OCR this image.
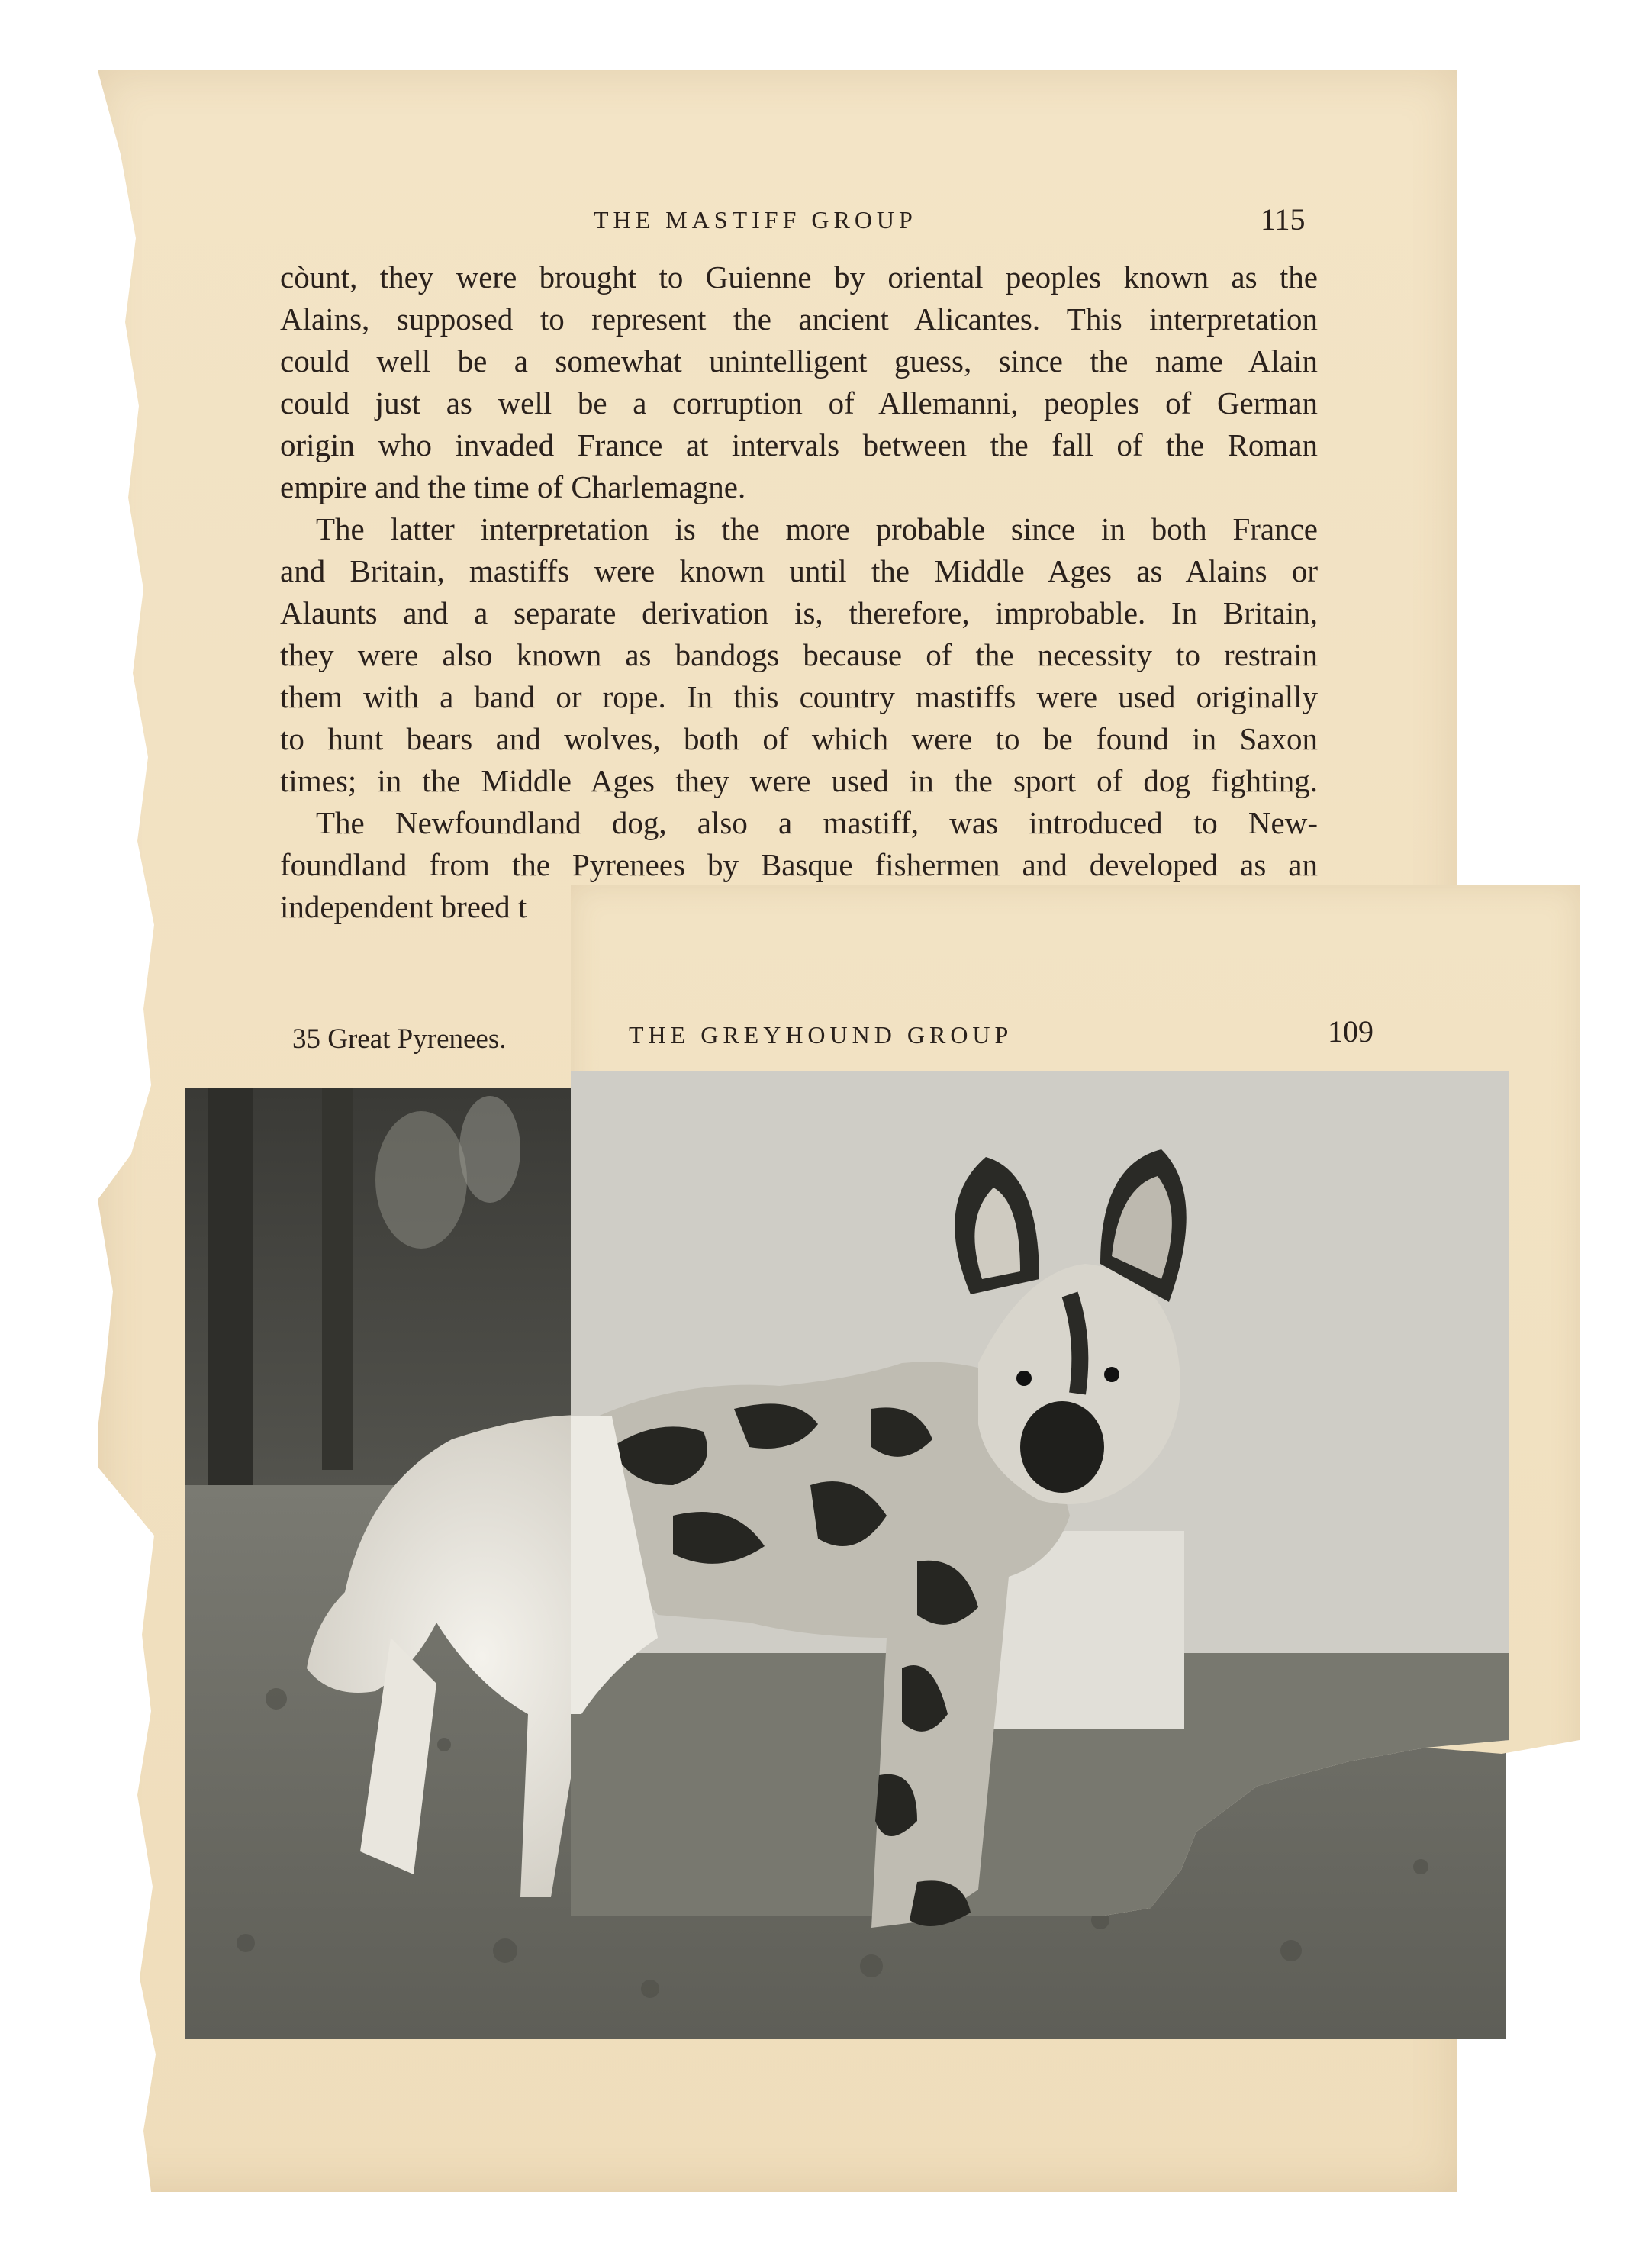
THE MASTIFF GROUP	115
còunt, they were brought to Guienne by oriental peoples known as the
Alains, supposed to represent the ancient Alicantes. This interpretation
could well be a somewhat unintelligent guess, since the name Alain
could just as well be a corruption of Allemanni, peoples of German
origin who invaded France at intervals between the fall of the Roman
empire and the time of Charlemagne.
The latter interpretation is the more probable since in both France
and Britain, mastiffs were known until the Middle Ages as Alains or
Alaunts and a separate derivation is, therefore, improbable. In Britain,
they were also known as bandogs because of the necessity to restrain
them with a band or rope. In this country mastiffs were used originally
to hunt bears and wolves, both of which were to be found in Saxon
times; in the Middle Ages they were used in the sport of dog fighting.
The Newfoundland dog, also a mastiff, was introduced to New-
foundland from the Pyrenees by Basque fishermen and developed as an
independent breed t
35 Great Pyrenees.	THE GREYHOUND GROUP	109
